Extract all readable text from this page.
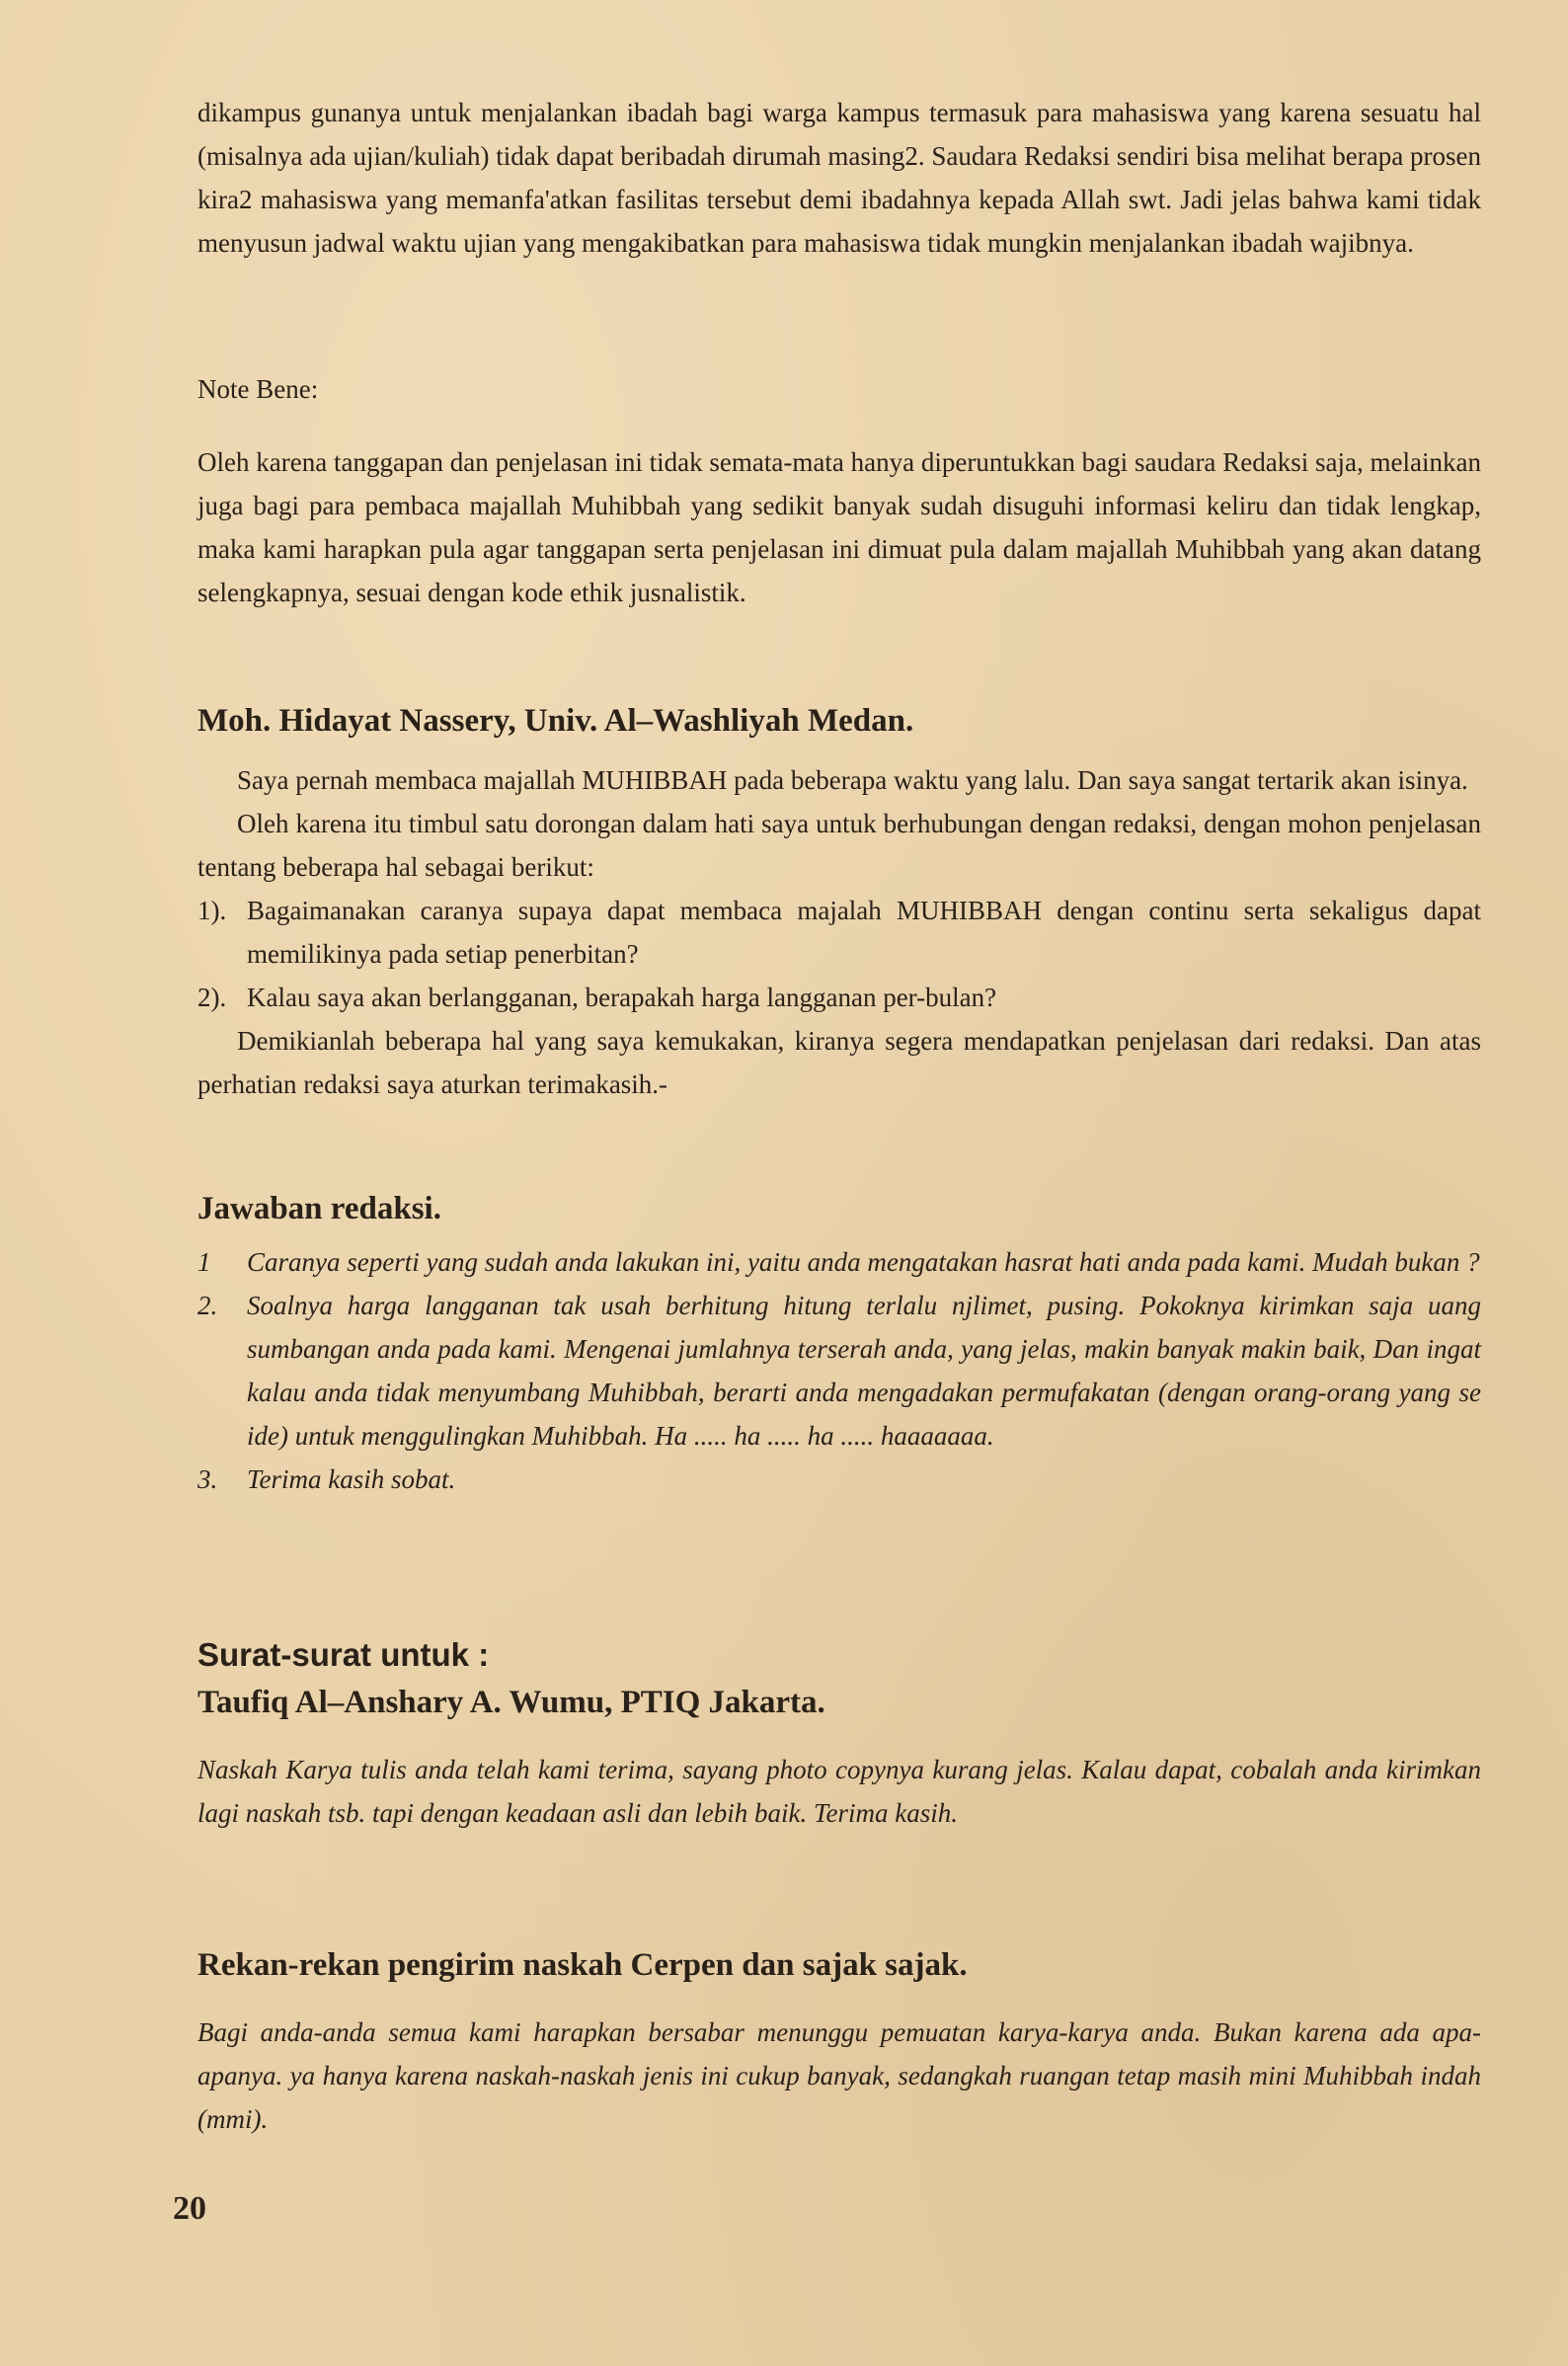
dikampus gunanya untuk menjalankan ibadah bagi warga kampus termasuk para mahasiswa yang karena sesuatu hal (misalnya ada ujian/kuliah) tidak dapat beribadah dirumah masing2. Saudara Redaksi sendiri bisa melihat berapa prosen kira2 mahasiswa yang memanfa'atkan fasilitas tersebut demi ibadahnya kepada Allah swt. Jadi jelas bahwa kami tidak menyusun jadwal waktu ujian yang mengakibatkan para mahasiswa tidak mungkin menjalankan ibadah wajibnya.

Note Bene:

Oleh karena tanggapan dan penjelasan ini tidak semata-mata hanya diperuntukkan bagi saudara Redaksi saja, melainkan juga bagi para pembaca majallah Muhibbah yang sedikit banyak sudah disuguhi informasi keliru dan tidak lengkap, maka kami harapkan pula agar tanggapan serta penjelasan ini dimuat pula dalam majallah Muhibbah yang akan datang selengkapnya, sesuai dengan kode ethik jusnalistik.

Moh. Hidayat Nassery, Univ. Al–Washliyah Medan.

Saya pernah membaca majallah MUHIBBAH pada beberapa waktu yang lalu. Dan saya sangat tertarik akan isinya.

Oleh karena itu timbul satu dorongan dalam hati saya untuk berhubungan dengan redaksi, dengan mohon penjelasan tentang beberapa hal sebagai berikut:

1). Bagaimanakan caranya supaya dapat membaca majalah MUHIBBAH dengan continu serta sekaligus dapat memilikinya pada setiap penerbitan?
2). Kalau saya akan berlangganan, berapakah harga langganan per-bulan?

Demikianlah beberapa hal yang saya kemukakan, kiranya segera mendapatkan penjelasan dari redaksi. Dan atas perhatian redaksi saya aturkan terimakasih.-

Jawaban redaksi.

1	Caranya seperti yang sudah anda lakukan ini, yaitu anda mengatakan hasrat hati anda pada kami. Mudah bukan ?
2.	Soalnya harga langganan tak usah berhitung hitung terlalu njlimet, pusing. Pokoknya kirimkan saja uang sumbangan anda pada kami. Mengenai jumlahnya terserah anda, yang jelas, makin banyak makin baik, Dan ingat kalau anda tidak menyumbang Muhibbah, berarti anda mengadakan permufakatan (dengan orang-orang yang se ide) untuk menggulingkan Muhibbah. Ha ..... ha ..... ha ..... haaaaaaa.
3.	Terima kasih sobat.

Surat-surat untuk :

Taufiq Al–Anshary A. Wumu, PTIQ Jakarta.

Naskah Karya tulis anda telah kami terima, sayang photo copynya kurang jelas. Kalau dapat, cobalah anda kirimkan lagi naskah tsb. tapi dengan keadaan asli dan lebih baik. Terima kasih.

Rekan-rekan pengirim naskah Cerpen dan sajak sajak.

Bagi anda-anda semua kami harapkan bersabar menunggu pemuatan karya-karya anda. Bukan karena ada apa-apanya. ya hanya karena naskah-naskah jenis ini cukup banyak, sedangkah ruangan tetap masih mini Muhibbah indah (mmi).

20
